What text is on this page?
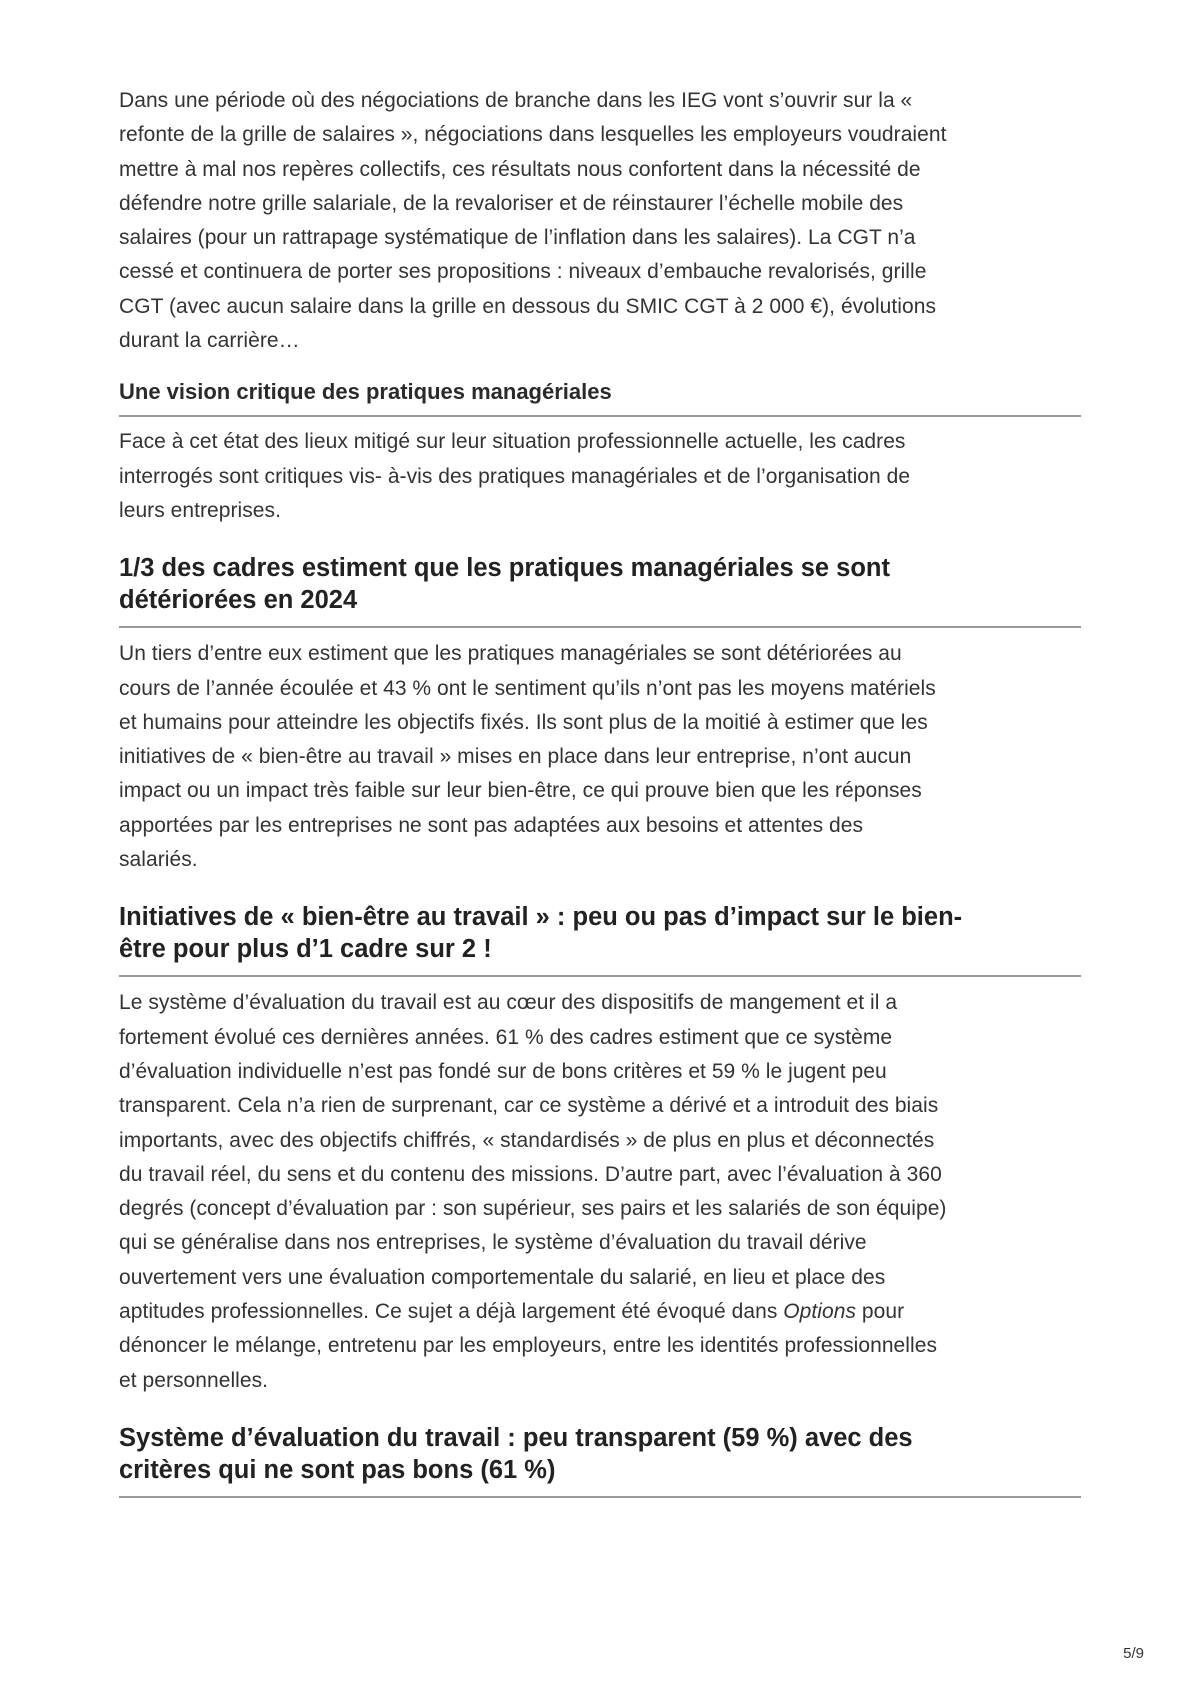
Dans une période où des négociations de branche dans les IEG vont s’ouvrir sur la «
refonte de la grille de salaires », négociations dans lesquelles les employeurs voudraient
mettre à mal nos repères collectifs, ces résultats nous confortent dans la nécessité de
défendre notre grille salariale, de la revaloriser et de réinstaurer l’échelle mobile des
salaires (pour un rattrapage systématique de l’inflation dans les salaires). La CGT n’a
cessé et continuera de porter ses propositions : niveaux d’embauche revalorisés, grille
CGT (avec aucun salaire dans la grille en dessous du SMIC CGT à 2 000 €), évolutions
durant la carrière…

Une vision critique des pratiques managériales

Face à cet état des lieux mitigé sur leur situation professionnelle actuelle, les cadres
interrogés sont critiques vis- à-vis des pratiques managériales et de l’organisation de
leurs entreprises.

1/3 des cadres estiment que les pratiques managériales se sont
détériorées en 2024

Un tiers d’entre eux estiment que les pratiques managériales se sont détériorées au
cours de l’année écoulée et 43 % ont le sentiment qu’ils n’ont pas les moyens matériels
et humains pour atteindre les objectifs fixés. Ils sont plus de la moitié à estimer que les
initiatives de « bien-être au travail » mises en place dans leur entreprise, n’ont aucun
impact ou un impact très faible sur leur bien-être, ce qui prouve bien que les réponses
apportées par les entreprises ne sont pas adaptées aux besoins et attentes des
salariés.

Initiatives de « bien-être au travail » : peu ou pas d’impact sur le bien-
être pour plus d’1 cadre sur 2 !

Le système d’évaluation du travail est au cœur des dispositifs de mangement et il a
fortement évolué ces dernières années. 61 % des cadres estiment que ce système
d’évaluation individuelle n’est pas fondé sur de bons critères et 59 % le jugent peu
transparent. Cela n’a rien de surprenant, car ce système a dérivé et a introduit des biais
importants, avec des objectifs chiffrés, « standardisés » de plus en plus et déconnectés
du travail réel, du sens et du contenu des missions. D’autre part, avec l’évaluation à 360
degrés (concept d’évaluation par : son supérieur, ses pairs et les salariés de son équipe)
qui se généralise dans nos entreprises, le système d’évaluation du travail dérive
ouvertement vers une évaluation comportementale du salarié, en lieu et place des
aptitudes professionnelles. Ce sujet a déjà largement été évoqué dans Options pour
dénoncer le mélange, entretenu par les employeurs, entre les identités professionnelles
et personnelles.

Système d’évaluation du travail : peu transparent (59 %) avec des
critères qui ne sont pas bons (61 %)
5/9
